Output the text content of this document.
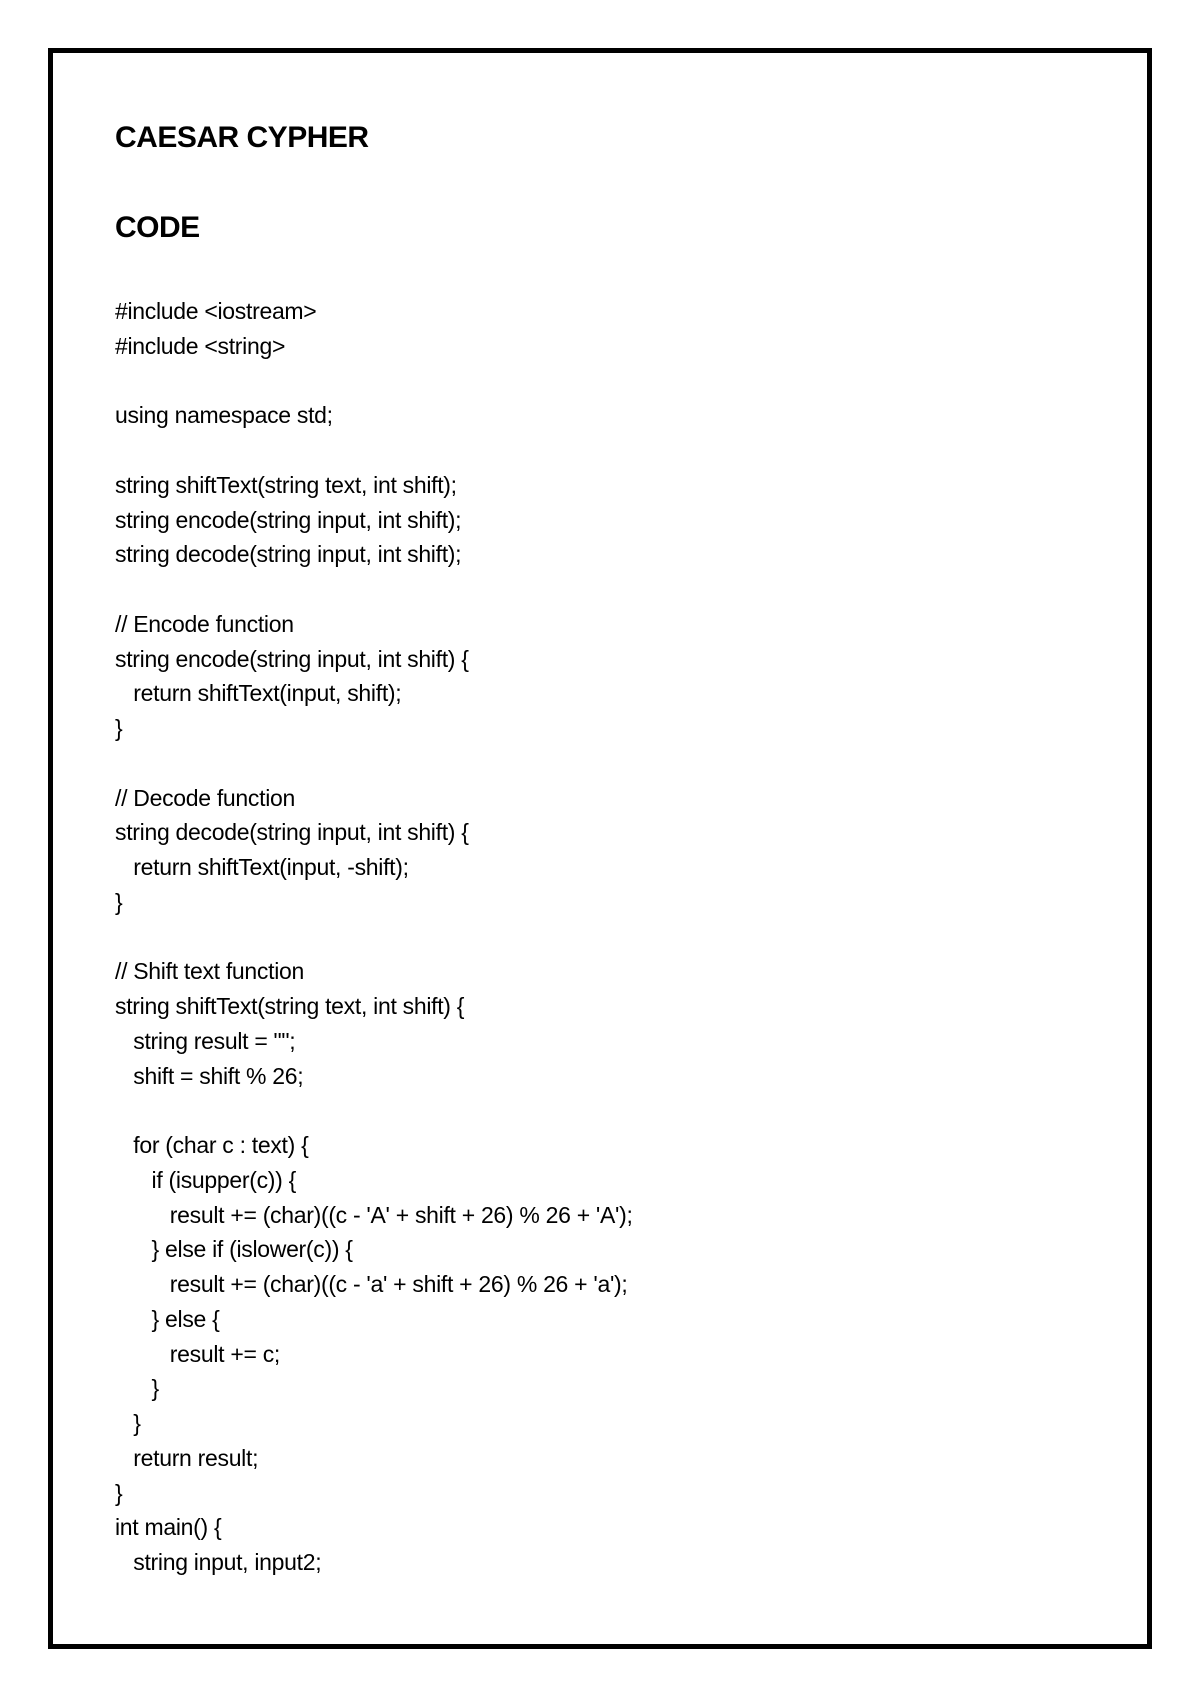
CAESAR CYPHER
CODE
#include <iostream>
#include <string>
using namespace std;
string shiftText(string text, int shift);
string encode(string input, int shift);
string decode(string input, int shift);
// Encode function
string encode(string input, int shift) {
return shiftText(input, shift);
}
// Decode function
string decode(string input, int shift) {
return shiftText(input, -shift);
}
// Shift text function
string shiftText(string text, int shift) {
string result = "";
shift = shift % 26;
for (char c : text) {
if (isupper(c)) {
result += (char)((c - 'A' + shift + 26) % 26 + 'A');
} else if (islower(c)) {
result += (char)((c - 'a' + shift + 26) % 26 + 'a');
} else {
result += c;
}
}
return result;
}
int main() {
string input, input2;
